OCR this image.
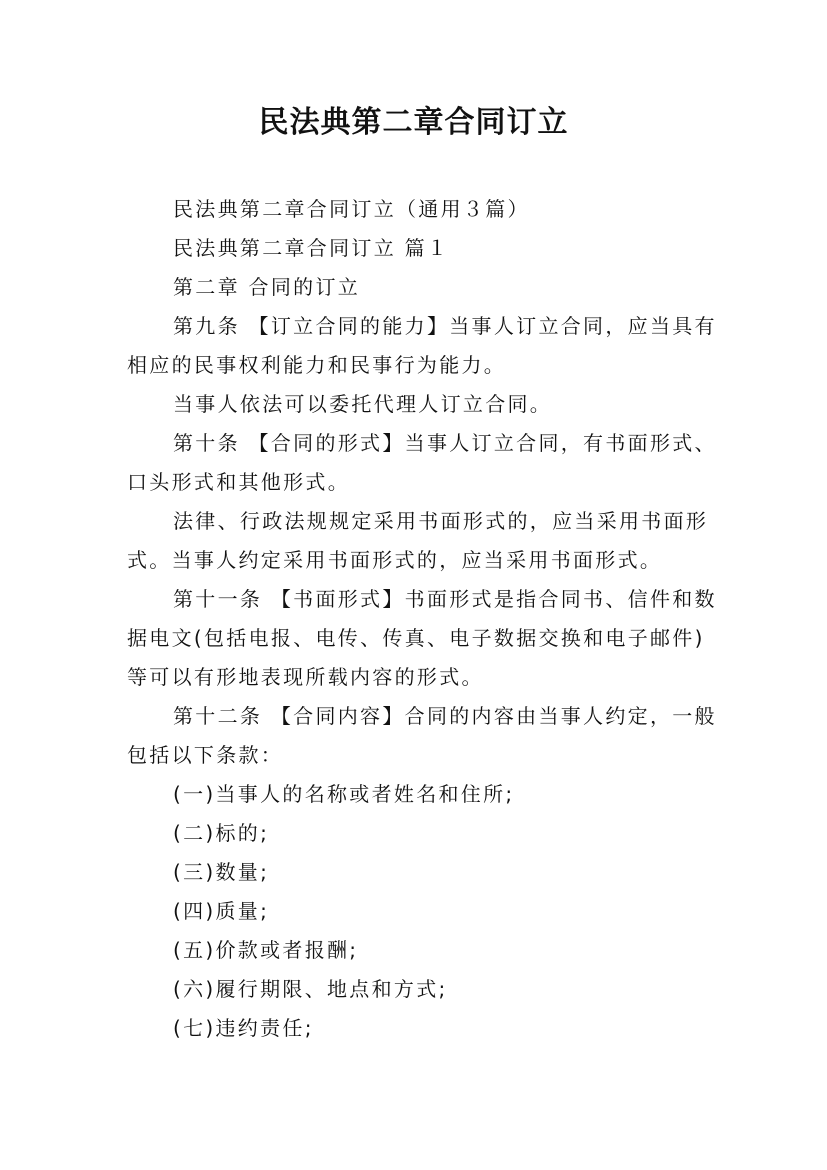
民法典第二章合同订立

民法典第二章合同订立（通用３篇）

民法典第二章合同订立 篇１

第二章 合同的订立

第九条 【订立合同的能力】当事人订立合同，应当具有相应的民事权利能力和民事行为能力。

当事人依法可以委托代理人订立合同。

第十条 【合同的形式】当事人订立合同，有书面形式、口头形式和其他形式。

法律、行政法规规定采用书面形式的，应当采用书面形式。当事人约定采用书面形式的，应当采用书面形式。

第十一条 【书面形式】书面形式是指合同书、信件和数据电文(包括电报、电传、传真、电子数据交换和电子邮件)等可以有形地表现所载内容的形式。

第十二条 【合同内容】合同的内容由当事人约定，一般包括以下条款：

(一)当事人的名称或者姓名和住所;

(二)标的;

(三)数量;

(四)质量;

(五)价款或者报酬;

(六)履行期限、地点和方式;

(七)违约责任;
